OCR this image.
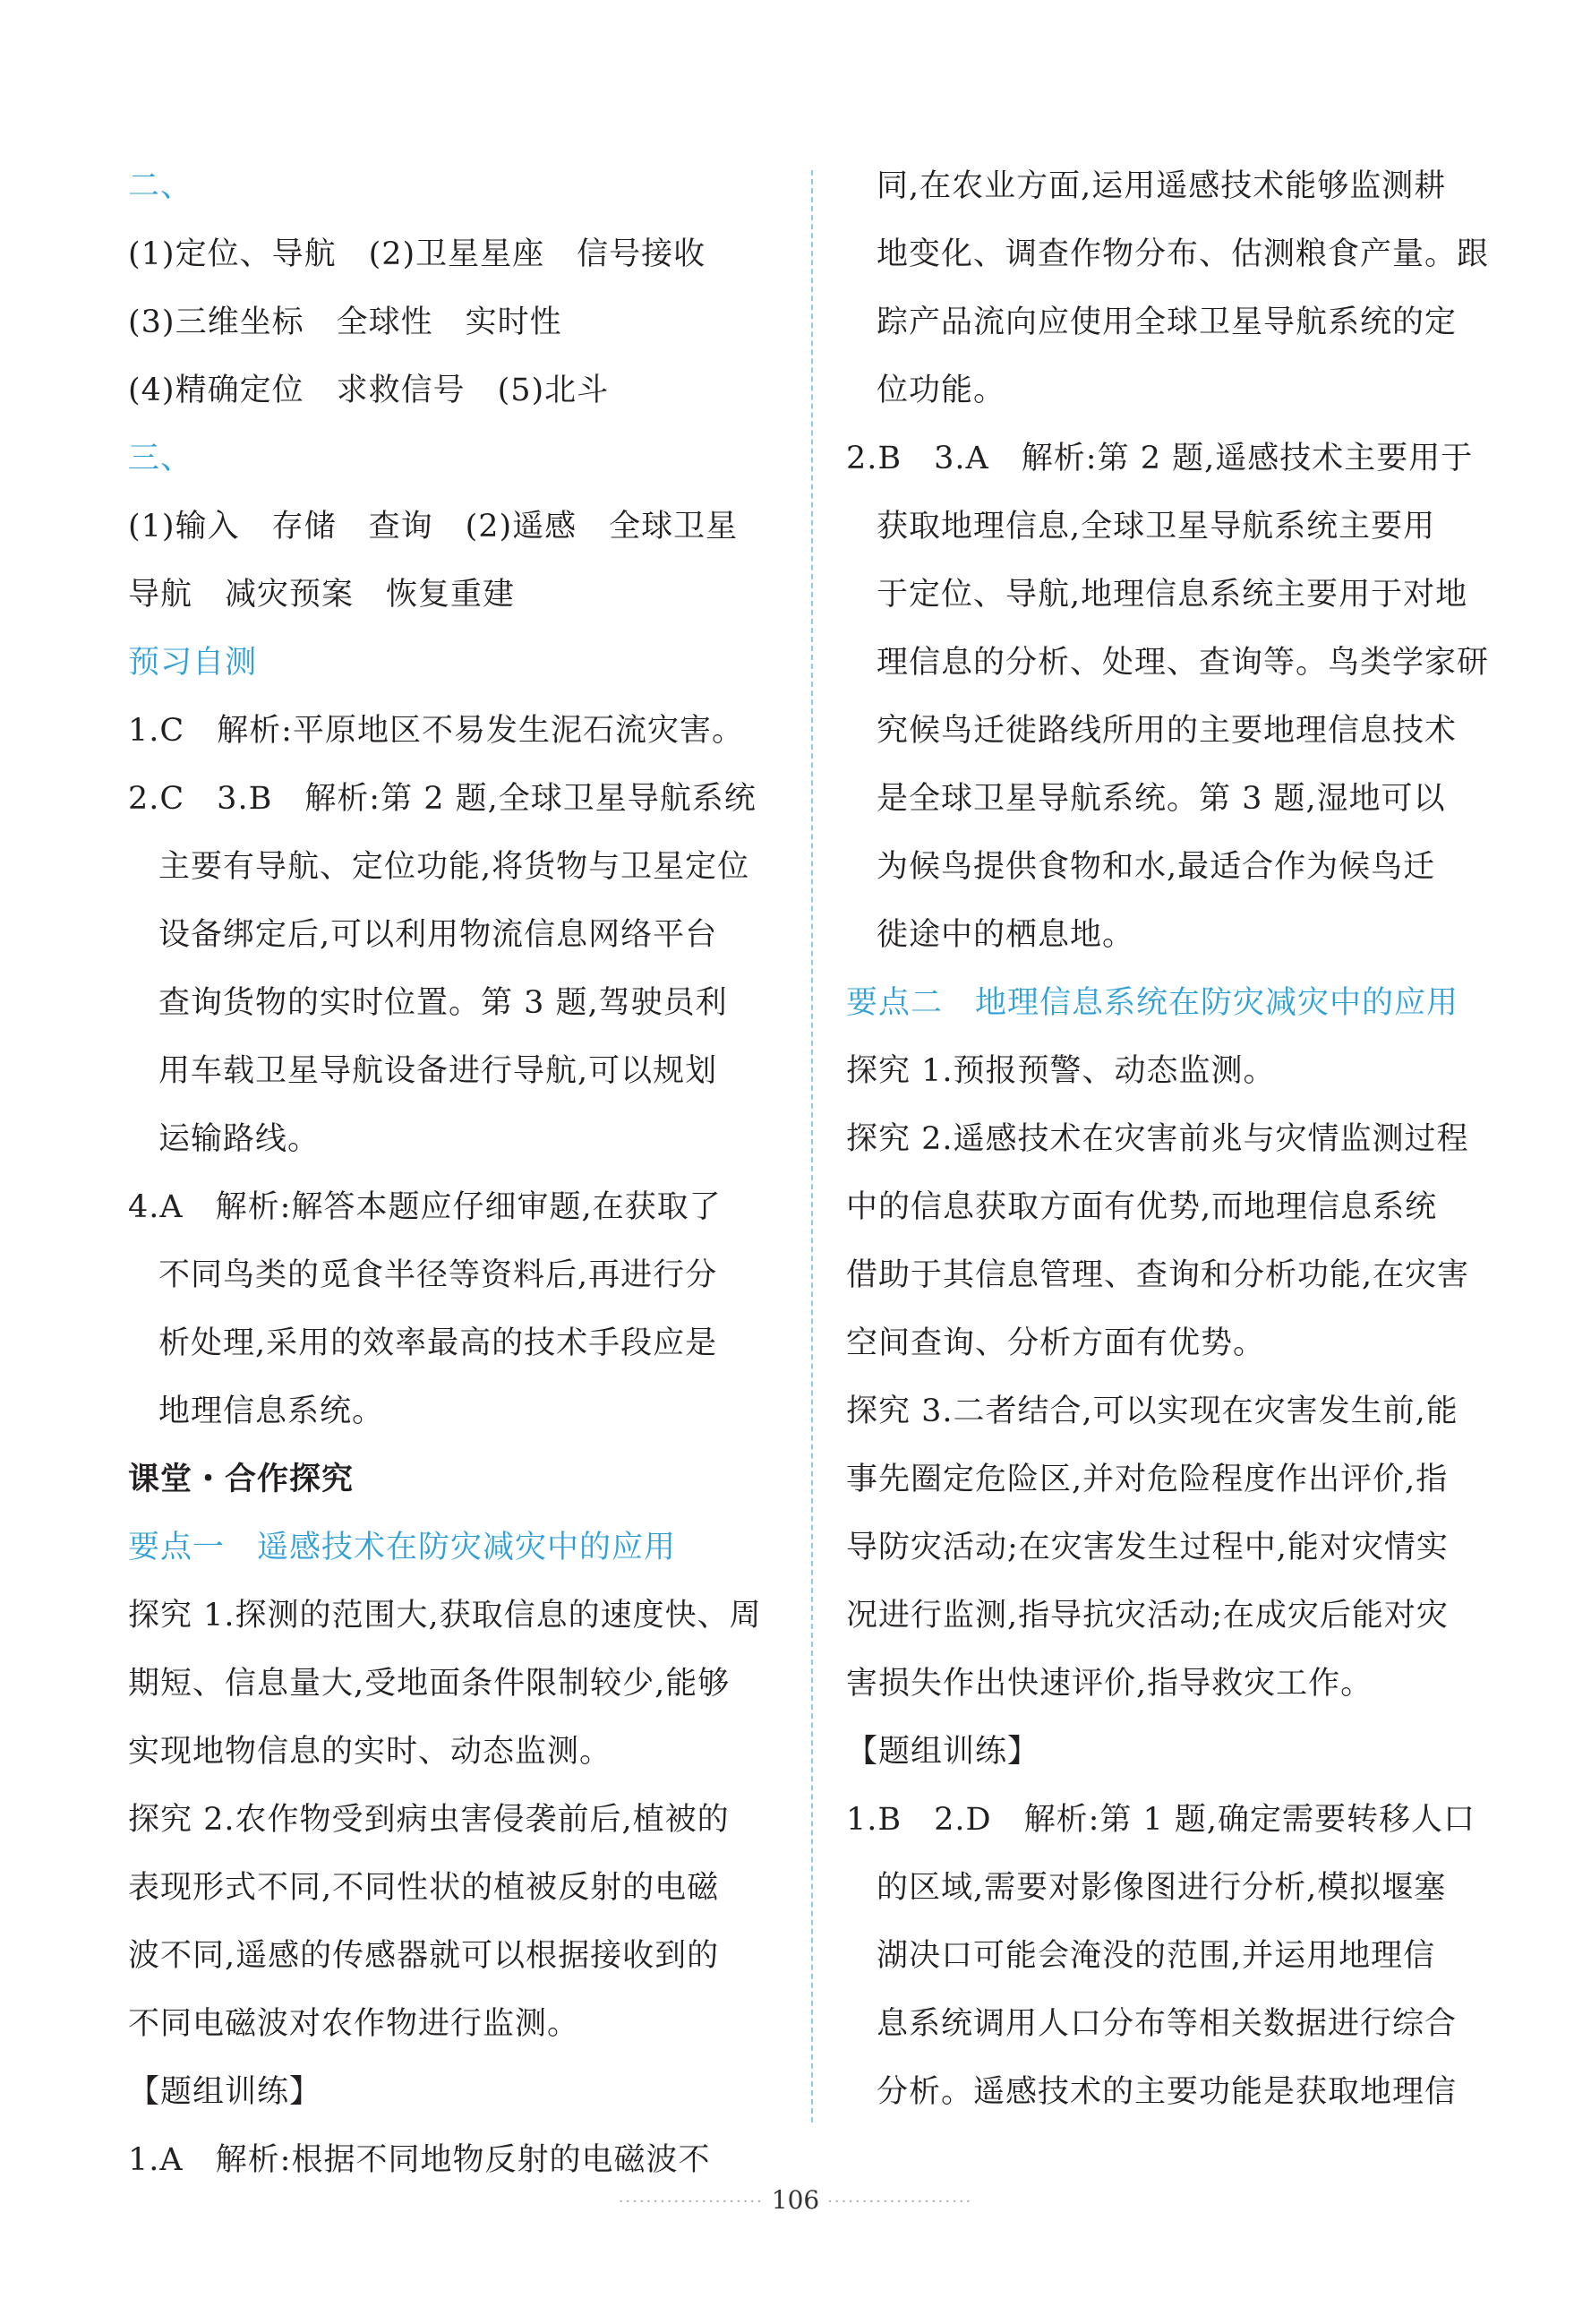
二、
(1)定位、导航　(2)卫星星座　信号接收
(3)三维坐标　全球性　实时性
(4)精确定位　求救信号　(5)北斗
三、
(1)输入　存储　查询　(2)遥感　全球卫星
导航　减灾预案　恢复重建
预习自测
1.C　解析:平原地区不易发生泥石流灾害。
2.C　3.B　解析:第 2 题,全球卫星导航系统
主要有导航、定位功能,将货物与卫星定位
设备绑定后,可以利用物流信息网络平台
查询货物的实时位置。第 3 题,驾驶员利
用车载卫星导航设备进行导航,可以规划
运输路线。
4.A　解析:解答本题应仔细审题,在获取了
不同鸟类的觅食半径等资料后,再进行分
析处理,采用的效率最高的技术手段应是
地理信息系统。
课堂・合作探究
要点一　遥感技术在防灾减灾中的应用
探究 1.探测的范围大,获取信息的速度快、周
期短、信息量大,受地面条件限制较少,能够
实现地物信息的实时、动态监测。
探究 2.农作物受到病虫害侵袭前后,植被的
表现形式不同,不同性状的植被反射的电磁
波不同,遥感的传感器就可以根据接收到的
不同电磁波对农作物进行监测。
【题组训练】
1.A　解析:根据不同地物反射的电磁波不
同,在农业方面,运用遥感技术能够监测耕
地变化、调查作物分布、估测粮食产量。跟
踪产品流向应使用全球卫星导航系统的定
位功能。
2.B　3.A　解析:第 2 题,遥感技术主要用于
获取地理信息,全球卫星导航系统主要用
于定位、导航,地理信息系统主要用于对地
理信息的分析、处理、查询等。鸟类学家研
究候鸟迁徙路线所用的主要地理信息技术
是全球卫星导航系统。第 3 题,湿地可以
为候鸟提供食物和水,最适合作为候鸟迁
徙途中的栖息地。
要点二　地理信息系统在防灾减灾中的应用
探究 1.预报预警、动态监测。
探究 2.遥感技术在灾害前兆与灾情监测过程
中的信息获取方面有优势,而地理信息系统
借助于其信息管理、查询和分析功能,在灾害
空间查询、分析方面有优势。
探究 3.二者结合,可以实现在灾害发生前,能
事先圈定危险区,并对危险程度作出评价,指
导防灾活动;在灾害发生过程中,能对灾情实
况进行监测,指导抗灾活动;在成灾后能对灾
害损失作出快速评价,指导救灾工作。
【题组训练】
1.B　2.D　解析:第 1 题,确定需要转移人口
的区域,需要对影像图进行分析,模拟堰塞
湖决口可能会淹没的范围,并运用地理信
息系统调用人口分布等相关数据进行综合
分析。遥感技术的主要功能是获取地理信
····················· 106 ·····················
